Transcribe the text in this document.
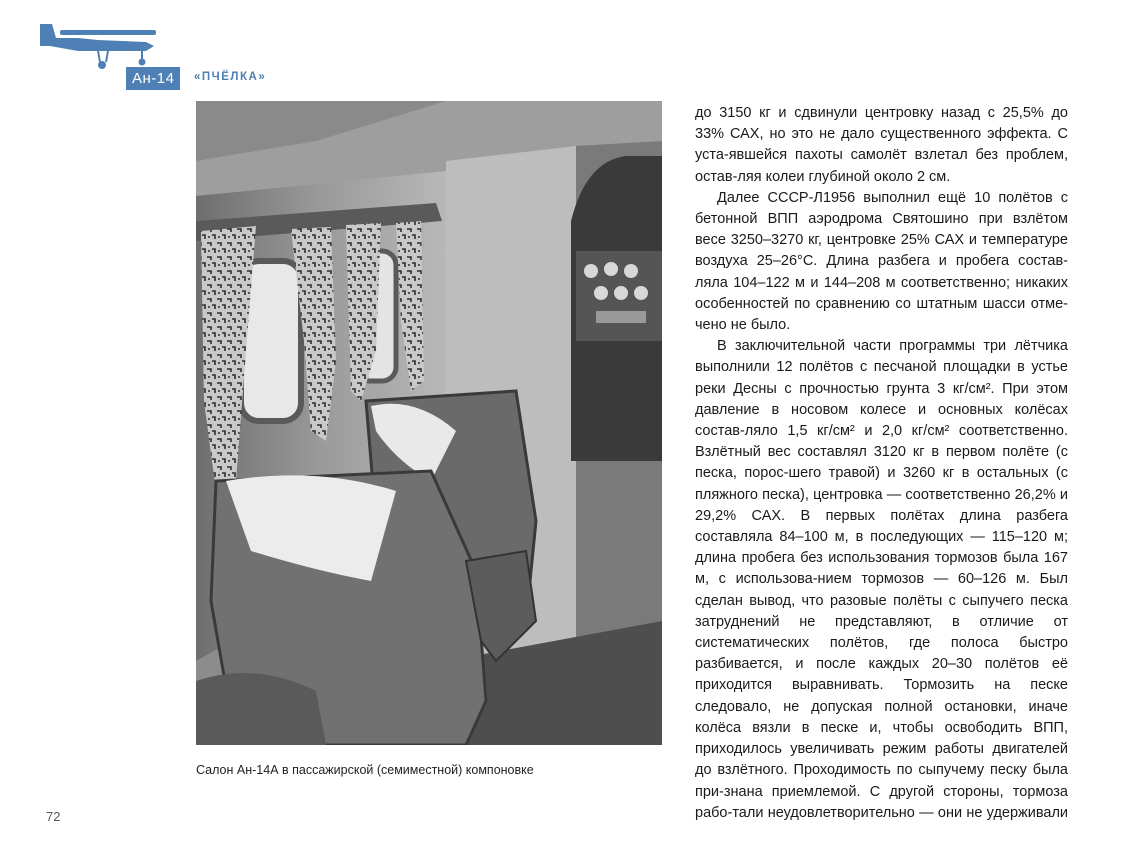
Ан-14	«ПЧЁЛКА»
Салон Ан-14А в пассажирской (семиместной) компоновке

до 3150 кг и сдвинули центровку назад с 25,5% до 33% САХ, но это не дало существенного эффекта. С уста-явшейся пахоты самолёт взлетал без проблем, остав-ляя колеи глубиной около 2 см.

Далее СССР-Л1956 выполнил ещё 10 полётов с бетонной ВПП аэродрома Святошино при взлётом весе 3250–3270 кг, центровке 25% САХ и температуре воздуха 25–26°С. Длина разбега и пробега состав-ляла 104–122 м и 144–208 м соответственно; никаких особенностей по сравнению со штатным шасси отме-чено не было.

В заключительной части программы три лётчика выполнили 12 полётов с песчаной площадки в устье реки Десны с прочностью грунта 3 кг/см². При этом давление в носовом колесе и основных колёсах состав-ляло 1,5 кг/см² и 2,0 кг/см² соответственно. Взлётный вес составлял 3120 кг в первом полёте (с песка, порос-шего травой) и 3260 кг в остальных (с пляжного песка), центровка — соответственно 26,2% и 29,2% САХ. В первых полётах длина разбега составляла 84–100 м, в последующих — 115–120 м; длина пробега без использования тормозов была 167 м, с использова-нием тормозов — 60–126 м. Был сделан вывод, что разовые полёты с сыпучего песка затруднений не представляют, в отличие от систематических полётов, где полоса быстро разбивается, и после каждых 20–30 полётов её приходится выравнивать. Тормозить на песке следовало, не допуская полной остановки, иначе колёса вязли в песке и, чтобы освободить ВПП, приходилось увеличивать режим работы двигателей до взлётного. Проходимость по сыпучему песку была при-знана приемлемой. С другой стороны, тормоза рабо-тали неудовлетворительно — они не удерживали

72
